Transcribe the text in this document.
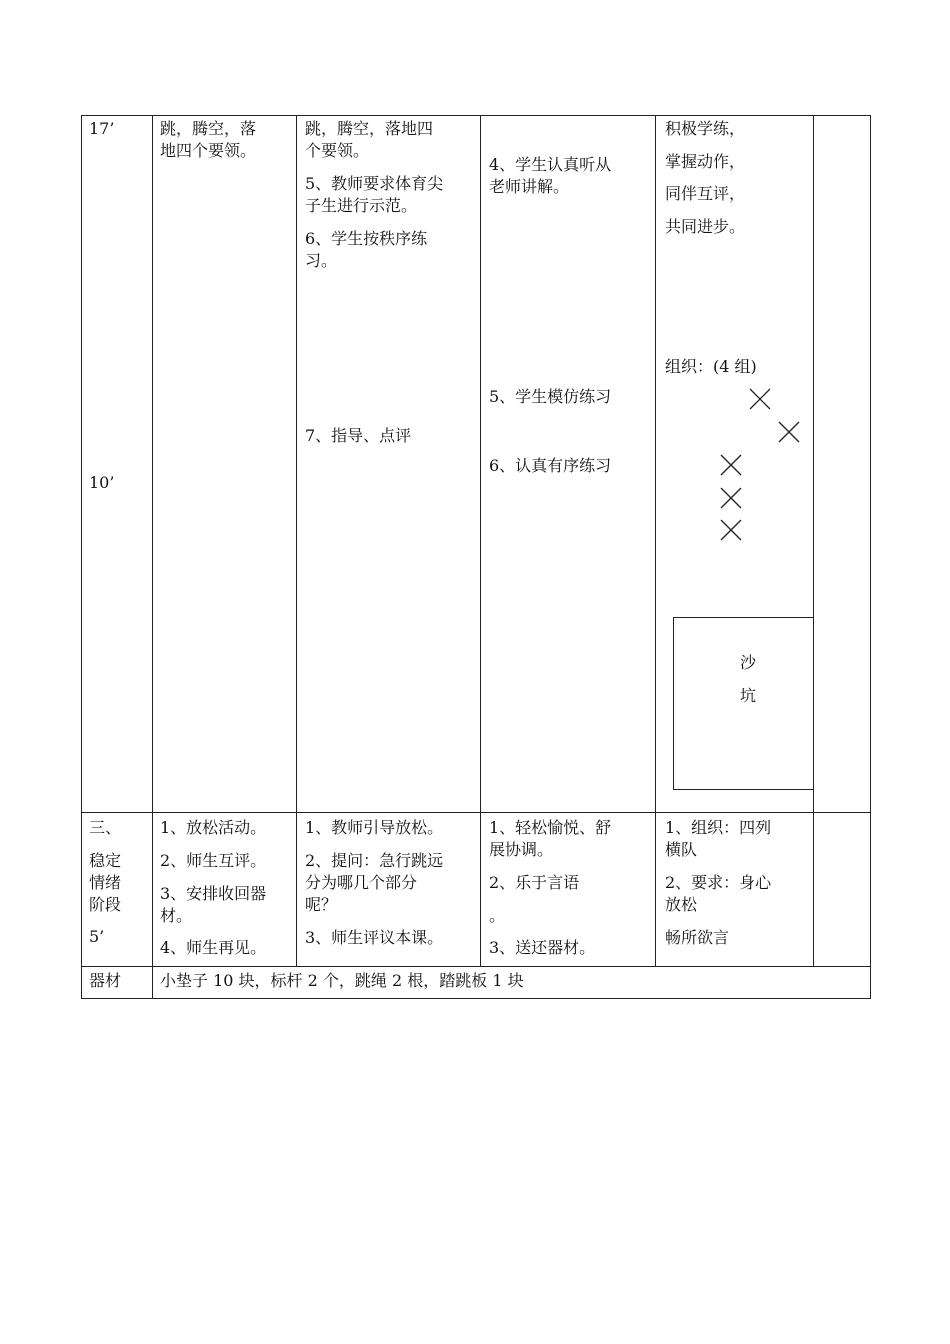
17’
10’
跳，腾空，落
地四个要领。
跳，腾空，落地四
个要领。
5、教师要求体育尖
子生进行示范。
6、学生按秩序练
习。
7、指导、点评
4、学生认真听从
老师讲解。
5、学生模仿练习
6、认真有序练习
积极学练，
掌握动作，
同伴互评，
共同进步。
组织：(4 组)
沙
坑
三、
稳定
情绪
阶段
5’
1、放松活动。
2、师生互评。
3、安排收回器
材。
4、师生再见。
1、教师引导放松。
2、提问：急行跳远
分为哪几个部分
呢？
3、师生评议本课。
1、轻松愉悦、舒
展协调。
2、乐于言语
。
3、送还器材。
1、组织：四列
横队
2、要求：身心
放松
畅所欲言
器材 小垫子 10 块，标杆 2 个，跳绳 2 根，踏跳板 1 块
